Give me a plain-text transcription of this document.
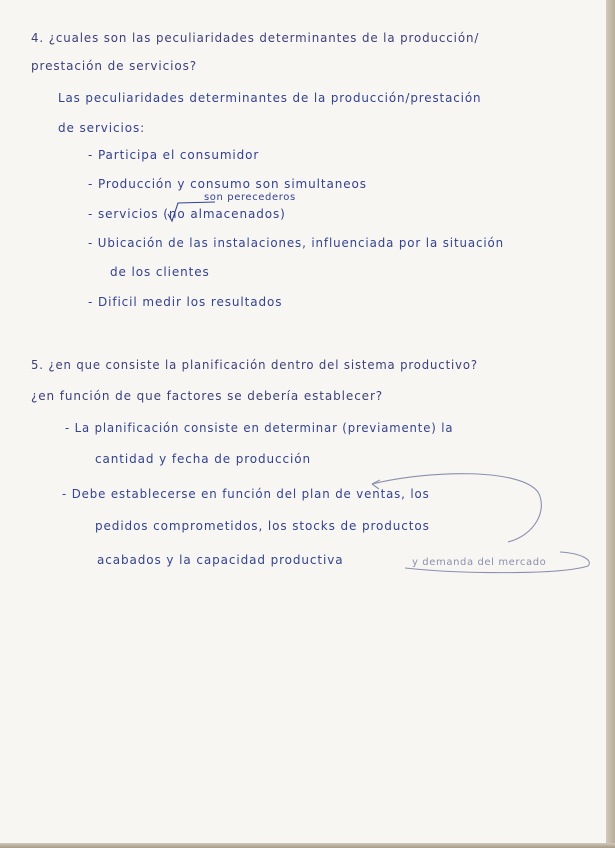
4. ¿cuales son las peculiaridades determinantes de la producción/
prestación de servicios?
Las peculiaridades determinantes de la producción/prestación
de servicios:
- Participa el consumidor
- Producción y consumo son simultaneos
son perecederos
- servicios (no almacenados)
- Ubicación de las instalaciones, influenciada por la situación
de los clientes
- Dificil medir los resultados
5. ¿en que consiste la planificación dentro del sistema productivo?
¿en función de que factores se debería establecer?
- La planificación consiste en determinar (previamente) la
cantidad y fecha de producción
- Debe establecerse en función del plan de ventas, los
pedidos comprometidos, los stocks de productos
acabados y la capacidad productiva	y demanda del mercado
